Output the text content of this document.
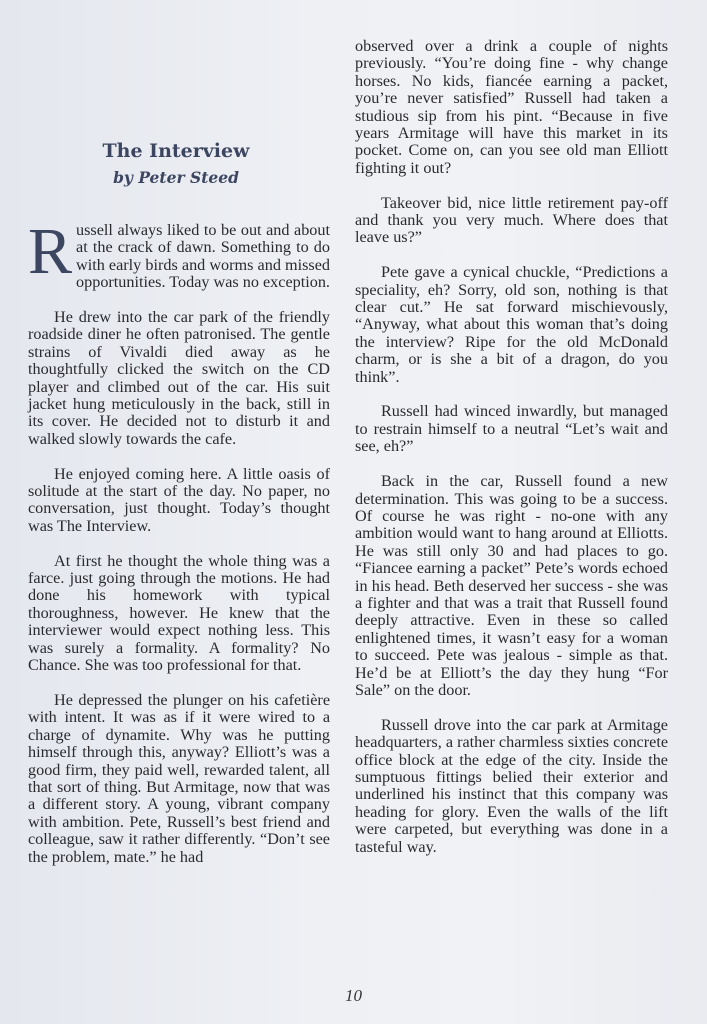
The Interview

by Peter Steed

Russell always liked to be out and about at the crack of dawn. Something to do with early birds and worms and missed opportunities. Today was no exception.

He drew into the car park of the friendly roadside diner he often patronised. The gentle strains of Vivaldi died away as he thoughtfully clicked the switch on the CD player and climbed out of the car. His suit jacket hung meticulously in the back, still in its cover. He decided not to disturb it and walked slowly towards the cafe.

He enjoyed coming here. A little oasis of solitude at the start of the day. No paper, no conversation, just thought. Today’s thought was The Interview.

At first he thought the whole thing was a farce. just going through the motions. He had done his homework with typical thoroughness, however. He knew that the interviewer would expect nothing less. This was surely a formality. A formality? No Chance. She was too professional for that.

He depressed the plunger on his cafetière with intent. It was as if it were wired to a charge of dynamite. Why was he putting himself through this, anyway? Elliott’s was a good firm, they paid well, rewarded talent, all that sort of thing. But Armitage, now that was a different story. A young, vibrant company with ambition. Pete, Russell’s best friend and colleague, saw it rather differently. “Don’t see the problem, mate.” he had

observed over a drink a couple of nights previously. “You’re doing fine - why change horses. No kids, fiancée earning a packet, you’re never satisfied” Russell had taken a studious sip from his pint. “Because in five years Armitage will have this market in its pocket. Come on, can you see old man Elliott fighting it out?

Takeover bid, nice little retirement pay-off and thank you very much. Where does that leave us?”

Pete gave a cynical chuckle, “Predictions a speciality, eh? Sorry, old son, nothing is that clear cut.” He sat forward mischievously, “Anyway, what about this woman that’s doing the interview? Ripe for the old McDonald charm, or is she a bit of a dragon, do you think”.

Russell had winced inwardly, but managed to restrain himself to a neutral “Let’s wait and see, eh?”

Back in the car, Russell found a new determination. This was going to be a success. Of course he was right - no-one with any ambition would want to hang around at Elliotts. He was still only 30 and had places to go. “Fiancee earning a packet” Pete’s words echoed in his head. Beth deserved her success - she was a fighter and that was a trait that Russell found deeply attractive. Even in these so called enlightened times, it wasn’t easy for a woman to succeed. Pete was jealous - simple as that. He’d be at Elliott’s the day they hung “For Sale” on the door.

Russell drove into the car park at Armitage headquarters, a rather charmless sixties concrete office block at the edge of the city. Inside the sumptuous fittings belied their exterior and underlined his instinct that this company was heading for glory. Even the walls of the lift were carpeted, but everything was done in a tasteful way.

10
